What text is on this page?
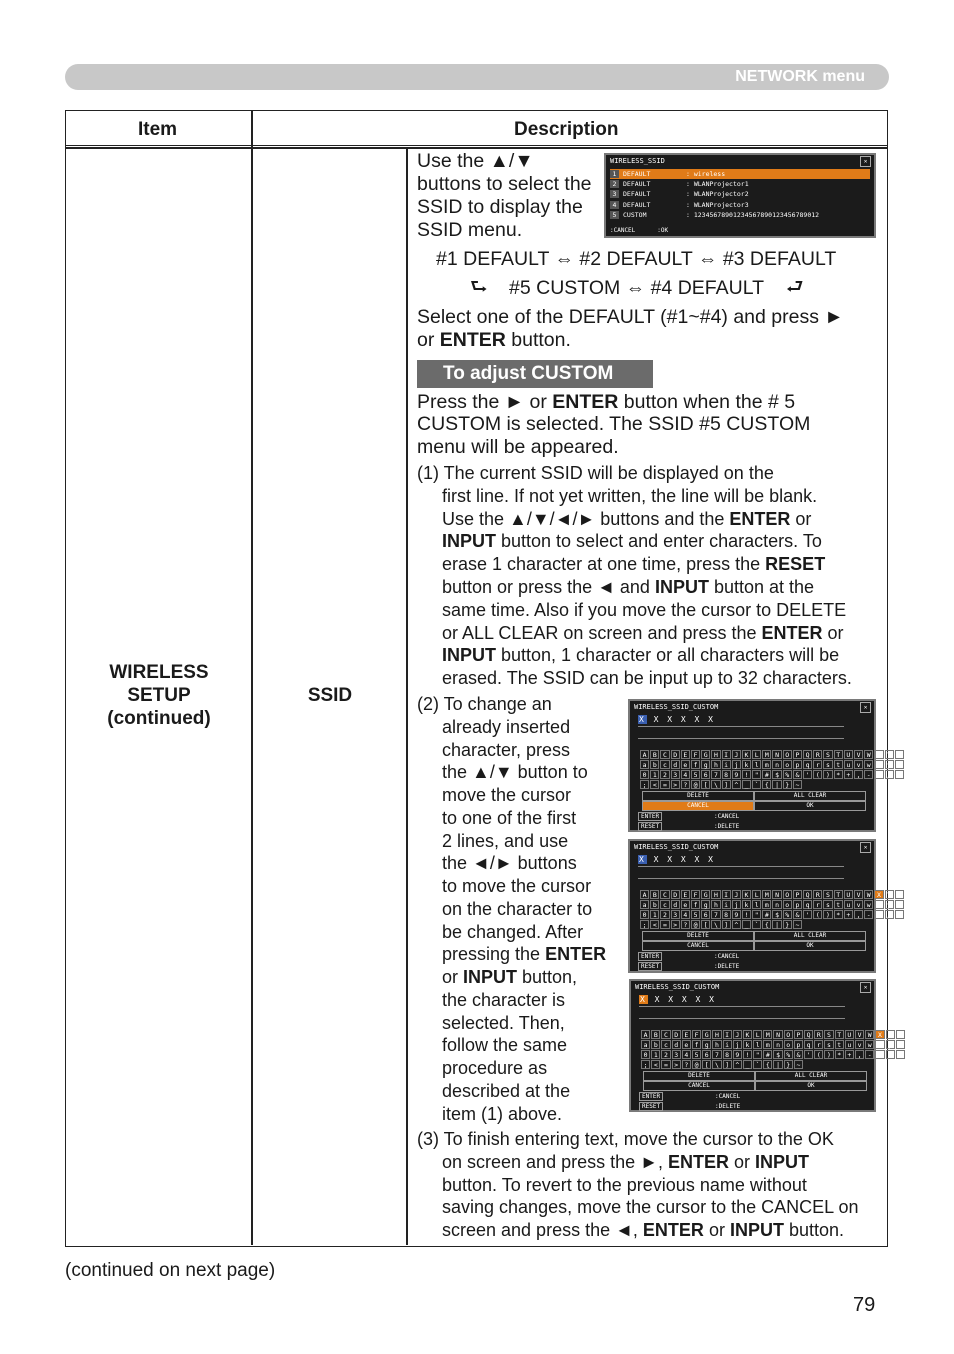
NETWORK menu
Item	Description
WIRELESS
SETUP
(continued)
SSID
Use the ▲/▼
buttons to select the
SSID to display the
SSID menu.
WIRELESS_SSID	✕
1 DEFAULT	: wireless
2 DEFAULT	: WLANProjector1
3 DEFAULT	: WLANProjector2
4 DEFAULT	: WLANProjector3
5 CUSTOM	: 12345678901234567890123456789012
:CANCEL	:OK
#1 DEFAULT ⇔ #2 DEFAULT ⇔ #3 DEFAULT
⮑ #5 CUSTOM ⇔ #4 DEFAULT ⮐
Select one of the DEFAULT (#1~#4) and press ►
or ENTER button.
To adjust CUSTOM
Press the ► or ENTER button when the # 5
CUSTOM is selected. The SSID #5 CUSTOM
menu will be appeared.
(1) The current SSID will be displayed on the
first line. If not yet written, the line will be blank.
Use the ▲/▼/◄/► buttons and the ENTER or
INPUT button to select and enter characters. To
erase 1 character at one time, press the RESET
button or press the ◄ and INPUT button at the
same time. Also if you move the cursor to DELETE
or ALL CLEAR on screen and press the ENTER or
INPUT button, 1 character or all characters will be
erased. The SSID can be input up to 32 characters.
(2) To change an
already inserted
character, press
the ▲/▼ button to
move the cursor
to one of the first
2 lines, and use
the ◄/► buttons
to move the cursor
on the character to
be changed. After
pressing the ENTER
or INPUT button,
the character is
selected. Then,
follow the same
procedure as
described at the
item (1) above.
(3) To finish entering text, move the cursor to the OK
on screen and press the ►, ENTER or INPUT
button. To revert to the previous name without
saving changes, move the cursor to the CANCEL on
screen and press the ◄, ENTER or INPUT button.
WIRELESS_SSID_CUSTOM	✕
X X X X X X
A B C D E F G H I J K L M N O P Q R S T U V W X Y Z
a b c d e f g h i j k l m n o p q r s t u v w x y z
0 1 2 3 4 5 6 7 8 9 ! " # $ % & ' ( ) * + , - . / :
; < = > ? @ [ \ ] ^ _ ` { | } ~
DELETE	ALL CLEAR
CANCEL	OK
ENTER	:CANCEL
RESET	:DELETE
WIRELESS_SSID_CUSTOM	✕
X X X X X X
A B C D E F G H I J K L M N O P Q R S T U V W X Y Z
a b c d e f g h i j k l m n o p q r s t u v w x y z
0 1 2 3 4 5 6 7 8 9 ! " # $ % & ' ( ) * + , - . / :
; < = > ? @ [ \ ] ^ _ ` { | } ~
DELETE	ALL CLEAR
CANCEL	OK
ENTER	:CANCEL
RESET	:DELETE
WIRELESS_SSID_CUSTOM	✕
X X X X X X
A B C D E F G H I J K L M N O P Q R S T U V W X Y Z
a b c d e f g h i j k l m n o p q r s t u v w x y z
0 1 2 3 4 5 6 7 8 9 ! " # $ % & ' ( ) * + , - . / :
; < = > ? @ [ \ ] ^ _ ` { | } ~
DELETE	ALL CLEAR
CANCEL	OK
ENTER	:CANCEL
RESET	:DELETE
(continued on next page)
79
